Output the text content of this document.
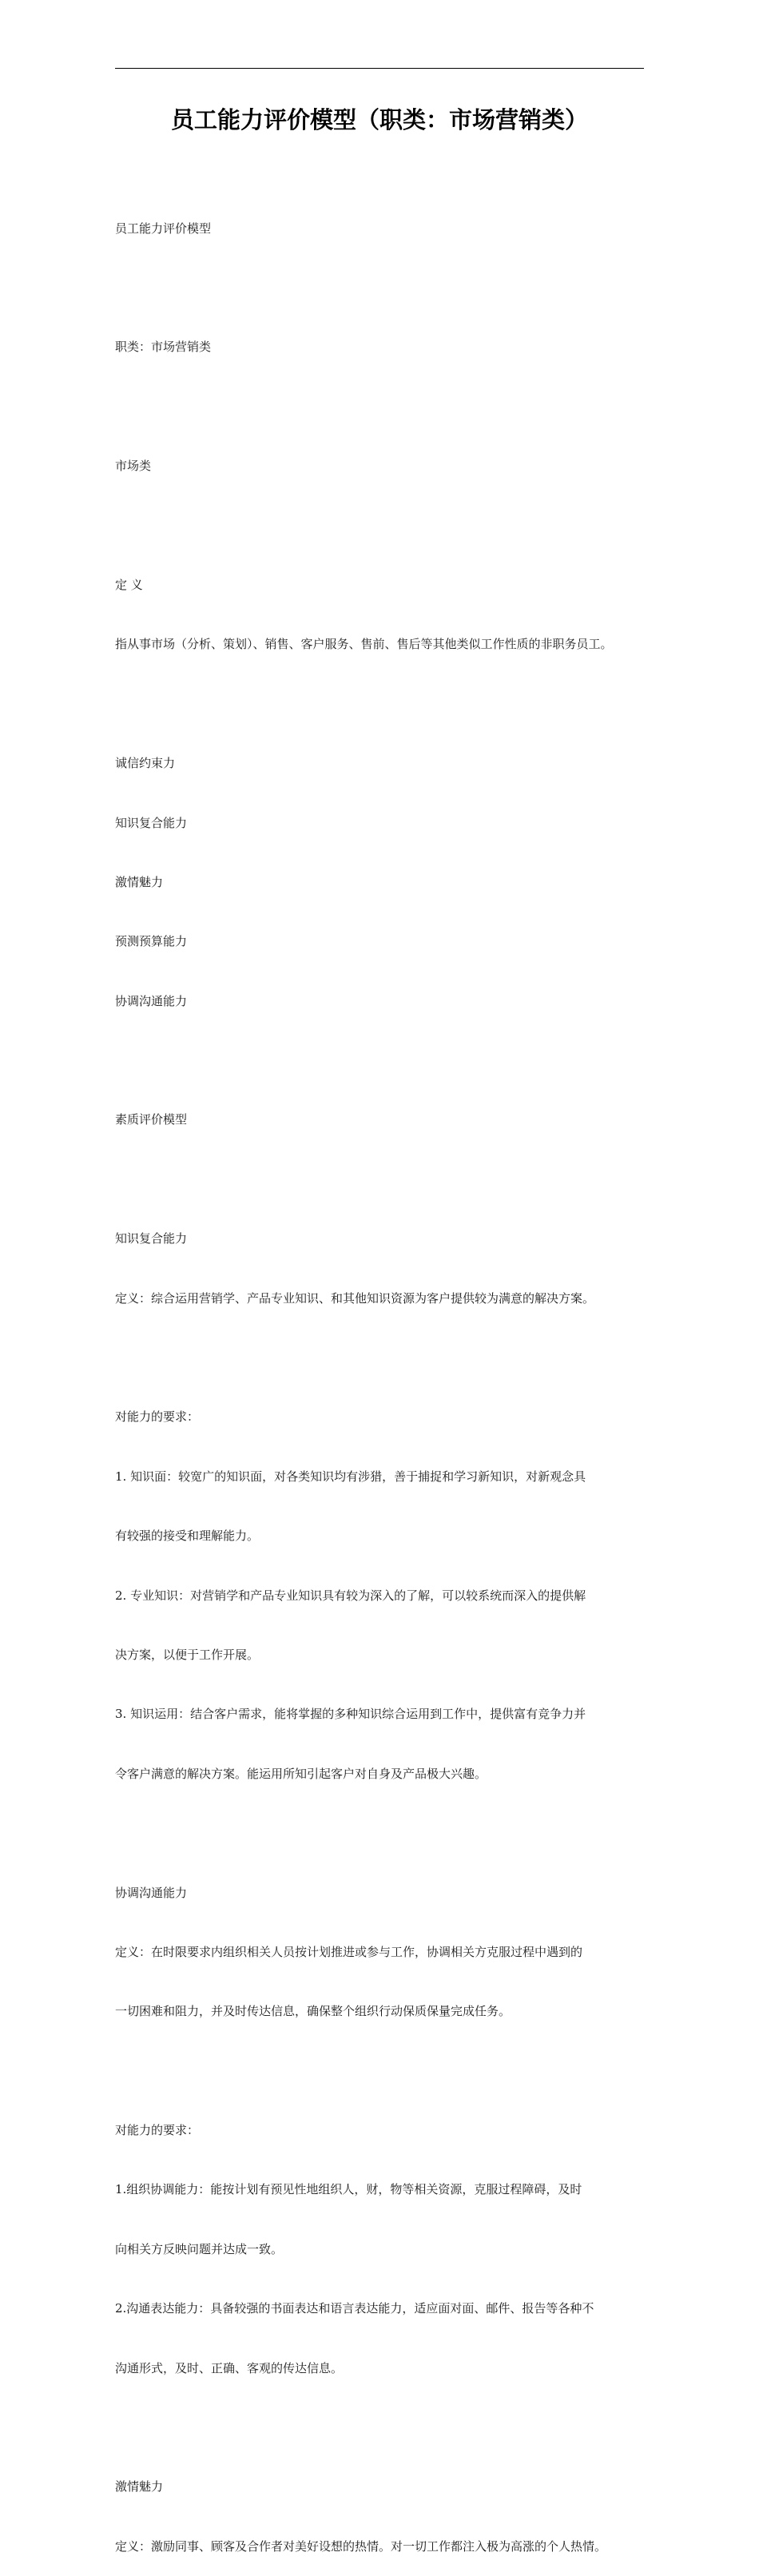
员工能力评价模型（职类：市场营销类）

员工能力评价模型

职类：市场营销类

市场类

定 义

指从事市场（分析、策划）、销售、客户服务、售前、售后等其他类似工作性质的非职务员工。

诚信约束力

知识复合能力

激情魅力

预测预算能力

协调沟通能力

素质评价模型

知识复合能力

定义：综合运用营销学、产品专业知识、和其他知识资源为客户提供较为满意的解决方案。

对能力的要求：

1. 知识面：较宽广的知识面，对各类知识均有涉猎，善于捕捉和学习新知识，对新观念具

有较强的接受和理解能力。

2. 专业知识：对营销学和产品专业知识具有较为深入的了解，可以较系统而深入的提供解

决方案，以便于工作开展。

3. 知识运用：结合客户需求，能将掌握的多种知识综合运用到工作中，提供富有竞争力并

令客户满意的解决方案。能运用所知引起客户对自身及产品极大兴趣。

协调沟通能力

定义：在时限要求内组织相关人员按计划推进或参与工作，协调相关方克服过程中遇到的

一切困难和阻力，并及时传达信息，确保整个组织行动保质保量完成任务。

对能力的要求：

1.组织协调能力：能按计划有预见性地组织人，财，物等相关资源，克服过程障碍，及时

向相关方反映问题并达成一致。

2.沟通表达能力：具备较强的书面表达和语言表达能力，适应面对面、邮件、报告等各种不

沟通形式，及时、正确、客观的传达信息。

激情魅力

定义：激励同事、顾客及合作者对美好设想的热情。对一切工作都注入极为高涨的个人热情。
